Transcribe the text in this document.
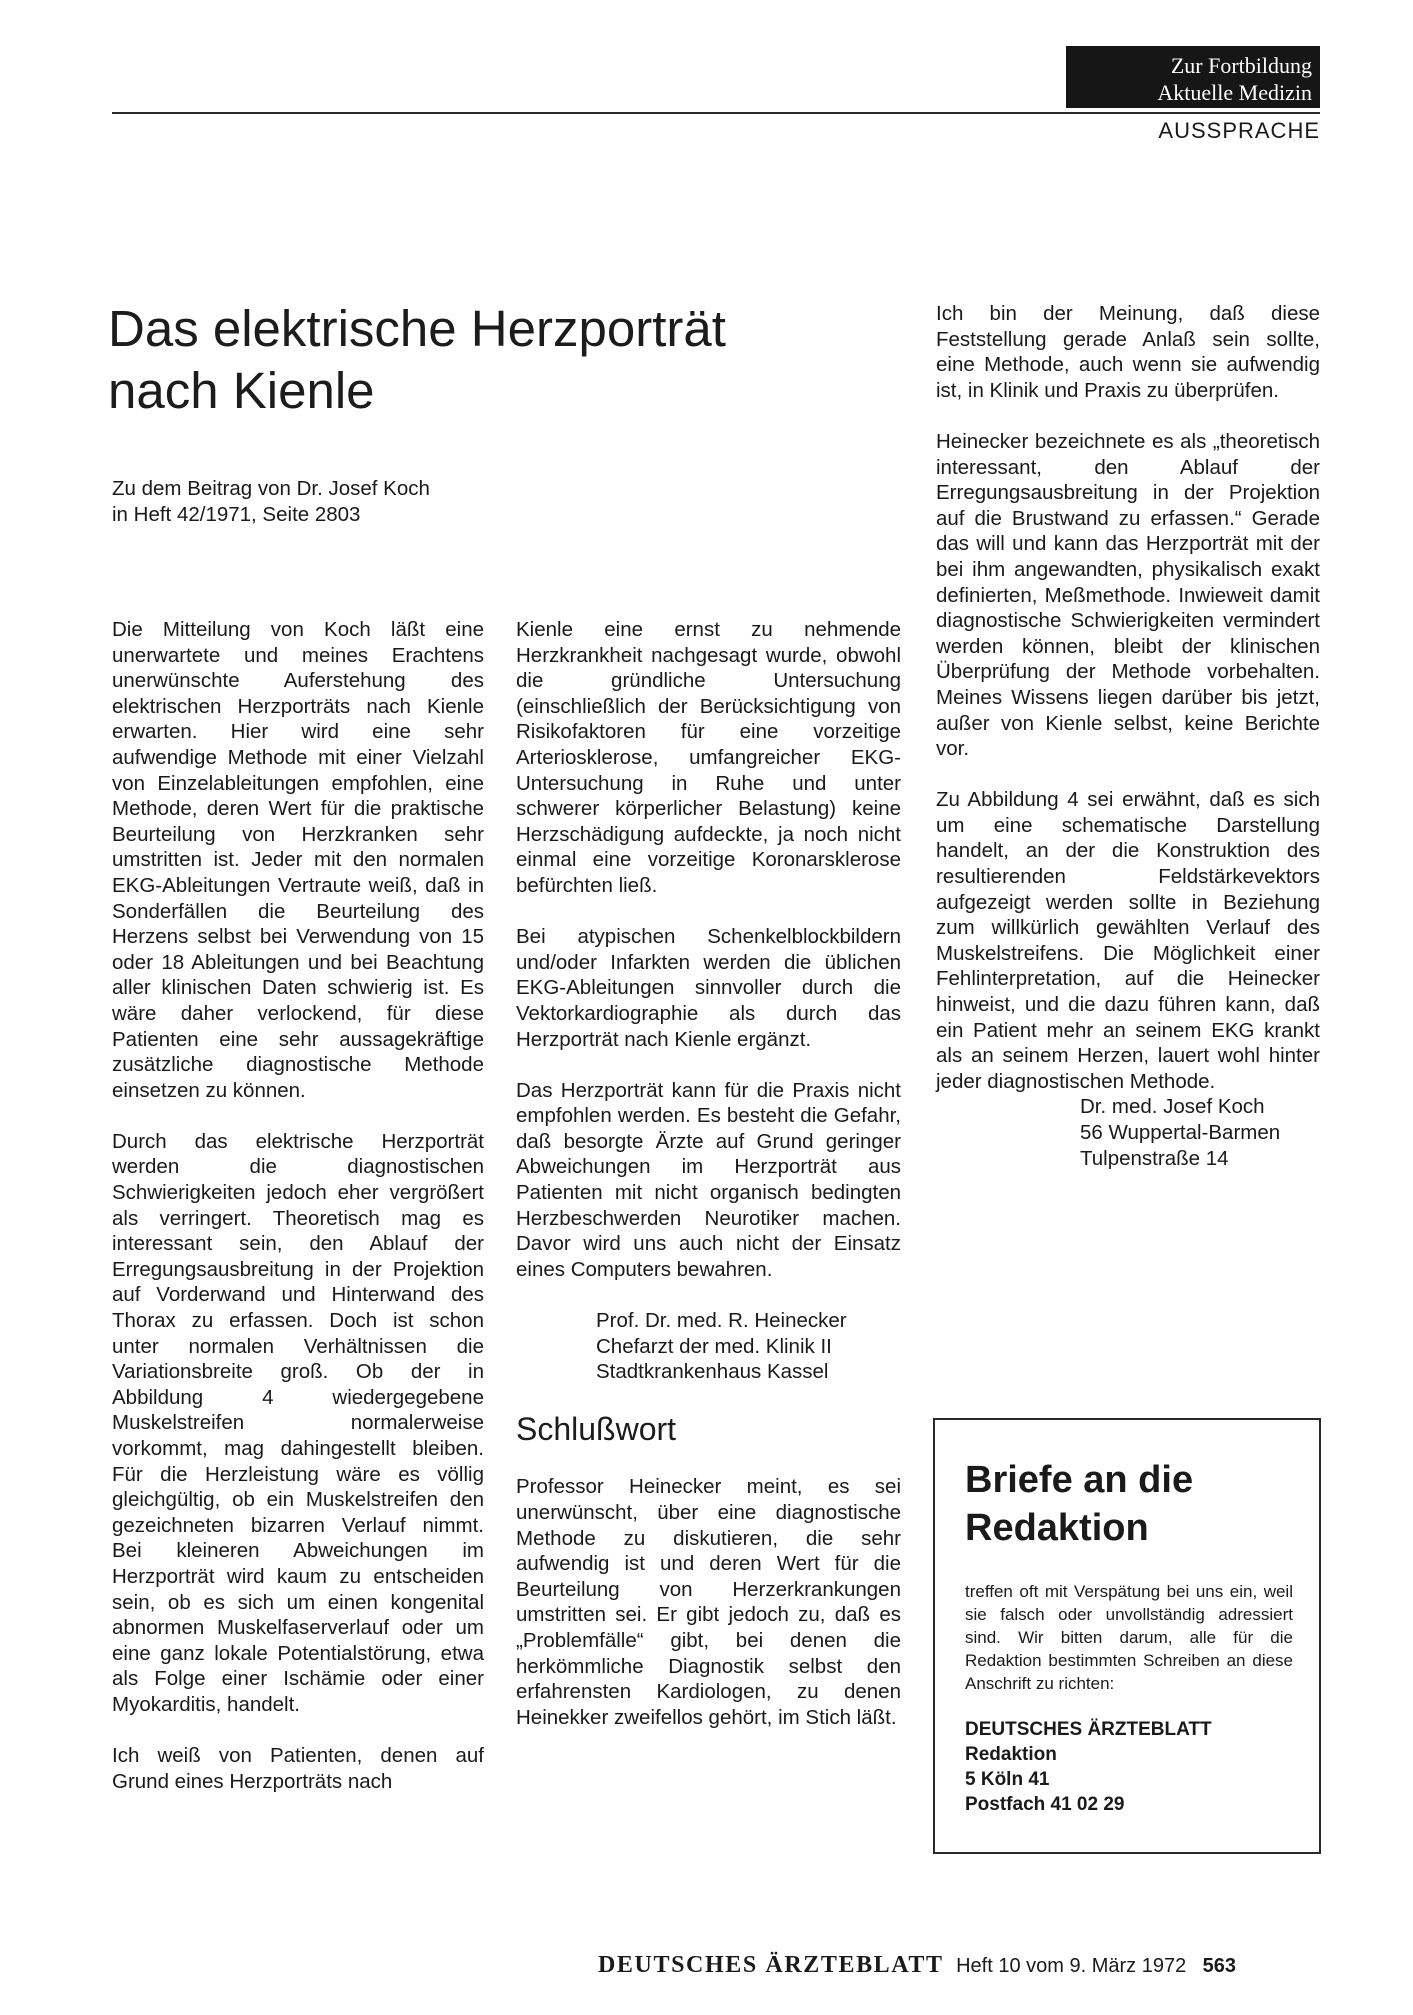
Zur Fortbildung
Aktuelle Medizin
AUSSPRACHE
Das elektrische Herzporträt
nach Kienle
Zu dem Beitrag von Dr. Josef Koch
in Heft 42/1971, Seite 2803

Die Mitteilung von Koch läßt eine unerwartete und meines Erachtens unerwünschte Auferstehung des elektrischen Herzporträts nach Kienle erwarten. Hier wird eine sehr aufwendige Methode mit einer Vielzahl von Einzelableitungen empfohlen, eine Methode, deren Wert für die praktische Beurteilung von Herzkranken sehr umstritten ist. Jeder mit den normalen EKG-Ableitungen Vertraute weiß, daß in Sonderfällen die Beurteilung des Herzens selbst bei Verwendung von 15 oder 18 Ableitungen und bei Beachtung aller klinischen Daten schwierig ist. Es wäre daher verlockend, für diese Patienten eine sehr aussagekräftige zusätzliche diagnostische Methode einsetzen zu können.

Durch das elektrische Herzporträt werden die diagnostischen Schwierigkeiten jedoch eher vergrößert als verringert. Theoretisch mag es interessant sein, den Ablauf der Erregungsausbreitung in der Projektion auf Vorderwand und Hinterwand des Thorax zu erfassen. Doch ist schon unter normalen Verhältnissen die Variationsbreite groß. Ob der in Abbildung 4 wiedergegebene Muskelstreifen normalerweise vorkommt, mag dahingestellt bleiben. Für die Herzleistung wäre es völlig gleichgültig, ob ein Muskelstreifen den gezeichneten bizarren Verlauf nimmt. Bei kleineren Abweichungen im Herzporträt wird kaum zu entscheiden sein, ob es sich um einen kongenital abnormen Muskelfaserverlauf oder um eine ganz lokale Potentialstörung, etwa als Folge einer Ischämie oder einer Myokarditis, handelt.

Ich weiß von Patienten, denen auf Grund eines Herzporträts nach

Kienle eine ernst zu nehmende Herzkrankheit nachgesagt wurde, obwohl die gründliche Untersuchung (einschließlich der Berücksichtigung von Risikofaktoren für eine vorzeitige Arteriosklerose, umfangreicher EKG-Untersuchung in Ruhe und unter schwerer körperlicher Belastung) keine Herzschädigung aufdeckte, ja noch nicht einmal eine vorzeitige Koronarsklerose befürchten ließ.

Bei atypischen Schenkelblockbildern und/oder Infarkten werden die üblichen EKG-Ableitungen sinnvoller durch die Vektorkardiographie als durch das Herzporträt nach Kienle ergänzt.

Das Herzporträt kann für die Praxis nicht empfohlen werden. Es besteht die Gefahr, daß besorgte Ärzte auf Grund geringer Abweichungen im Herzporträt aus Patienten mit nicht organisch bedingten Herzbeschwerden Neurotiker machen. Davor wird uns auch nicht der Einsatz eines Computers bewahren.

Prof. Dr. med. R. Heinecker
Chefarzt der med. Klinik II
Stadtkrankenhaus Kassel

Schlußwort

Professor Heinecker meint, es sei unerwünscht, über eine diagnostische Methode zu diskutieren, die sehr aufwendig ist und deren Wert für die Beurteilung von Herzerkrankungen umstritten sei. Er gibt jedoch zu, daß es „Problemfälle“ gibt, bei denen die herkömmliche Diagnostik selbst den erfahrensten Kardiologen, zu denen Heinekker zweifellos gehört, im Stich läßt.

Ich bin der Meinung, daß diese Feststellung gerade Anlaß sein sollte, eine Methode, auch wenn sie aufwendig ist, in Klinik und Praxis zu überprüfen.

Heinecker bezeichnete es als „theoretisch interessant, den Ablauf der Erregungsausbreitung in der Projektion auf die Brustwand zu erfassen.“ Gerade das will und kann das Herzporträt mit der bei ihm angewandten, physikalisch exakt definierten, Meßmethode. Inwieweit damit diagnostische Schwierigkeiten vermindert werden können, bleibt der klinischen Überprüfung der Methode vorbehalten. Meines Wissens liegen darüber bis jetzt, außer von Kienle selbst, keine Berichte vor.

Zu Abbildung 4 sei erwähnt, daß es sich um eine schematische Darstellung handelt, an der die Konstruktion des resultierenden Feldstärkevektors aufgezeigt werden sollte in Beziehung zum willkürlich gewählten Verlauf des Muskelstreifens. Die Möglichkeit einer Fehlinterpretation, auf die Heinecker hinweist, und die dazu führen kann, daß ein Patient mehr an seinem EKG krankt als an seinem Herzen, lauert wohl hinter jeder diagnostischen Methode.

Dr. med. Josef Koch
56 Wuppertal-Barmen
Tulpenstraße 14

Briefe an die
Redaktion

treffen oft mit Verspätung bei uns ein, weil sie falsch oder unvollständig adressiert sind. Wir bitten darum, alle für die Redaktion bestimmten Schreiben an diese Anschrift zu richten:

DEUTSCHES ÄRZTEBLATT
Redaktion
5 Köln 41
Postfach 41 02 29
DEUTSCHES ÄRZTEBLATT Heft 10 vom 9. März 1972 563
